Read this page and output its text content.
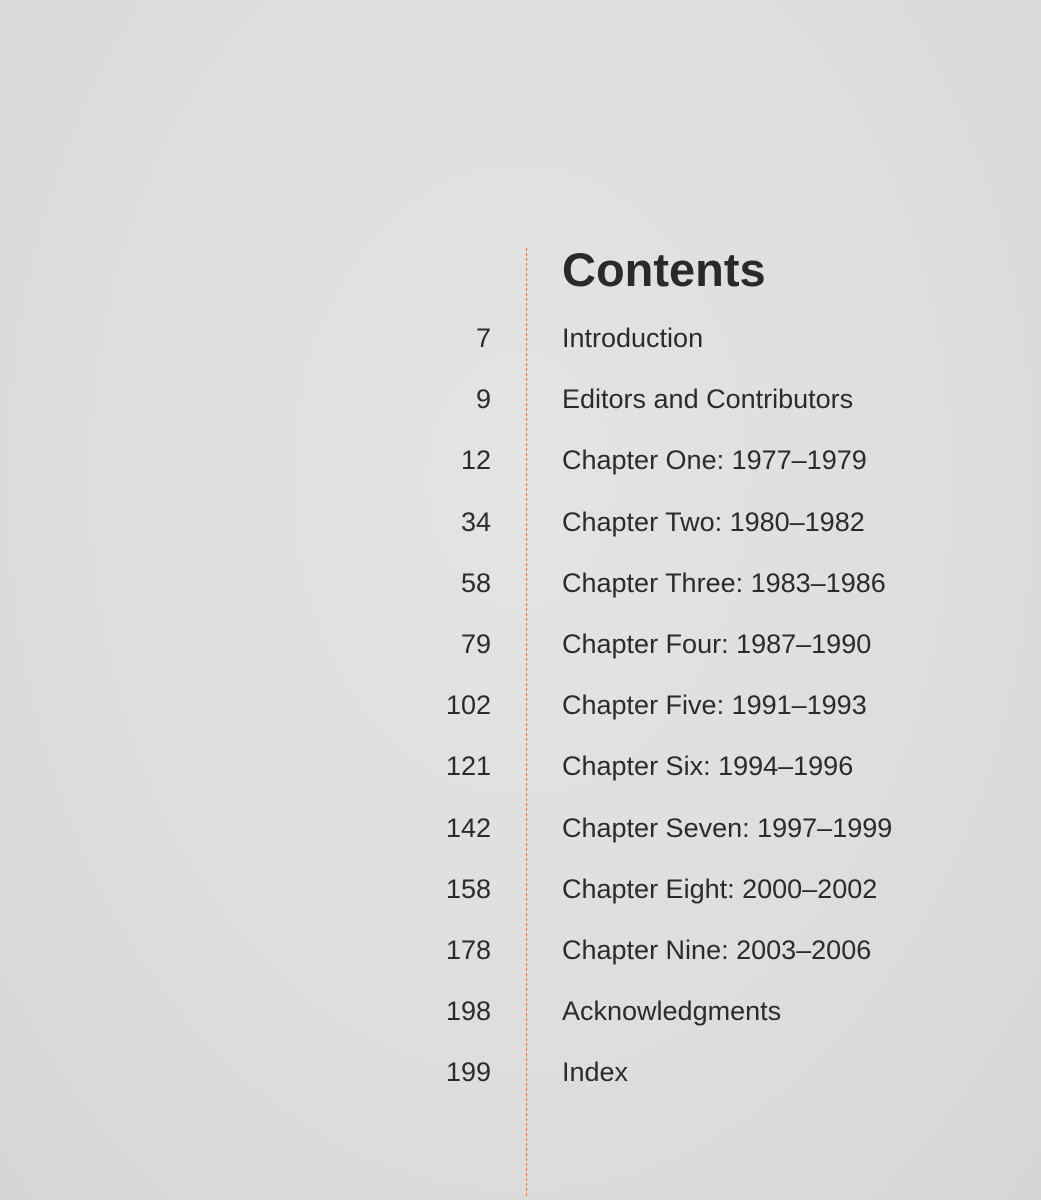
Contents
7	Introduction
9	Editors and Contributors
12	Chapter One: 1977–1979
34	Chapter Two: 1980–1982
58	Chapter Three: 1983–1986
79	Chapter Four: 1987–1990
102	Chapter Five: 1991–1993
121	Chapter Six: 1994–1996
142	Chapter Seven: 1997–1999
158	Chapter Eight: 2000–2002
178	Chapter Nine: 2003–2006
198	Acknowledgments
199	Index
